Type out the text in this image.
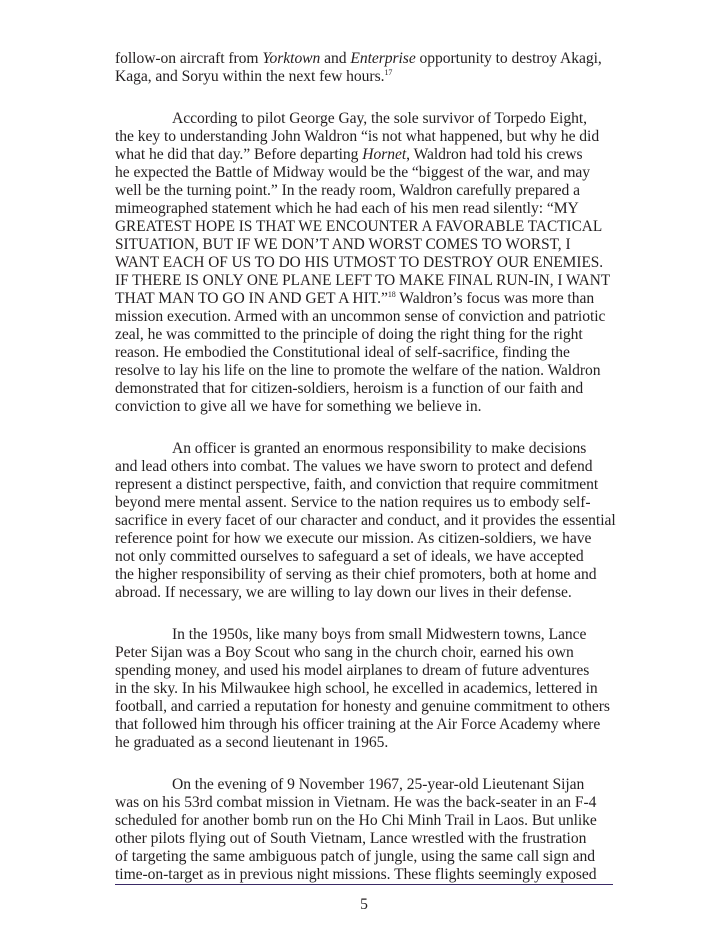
follow-on aircraft from Yorktown and Enterprise opportunity to destroy Akagi,
Kaga, and Soryu within the next few hours.$^{17}$
According to pilot George Gay, the sole survivor of Torpedo Eight,
the key to understanding John Waldron “is not what happened, but why he did
what he did that day.” Before departing Hornet, Waldron had told his crews
he expected the Battle of Midway would be the “biggest of the war, and may
well be the turning point.” In the ready room, Waldron carefully prepared a
mimeographed statement which he had each of his men read silently: “MY
GREATEST HOPE IS THAT WE ENCOUNTER A FAVORABLE TACTICAL
SITUATION, BUT IF WE DON’T AND WORST COMES TO WORST, I
WANT EACH OF US TO DO HIS UTMOST TO DESTROY OUR ENEMIES.
IF THERE IS ONLY ONE PLANE LEFT TO MAKE FINAL RUN-IN, I WANT
THAT MAN TO GO IN AND GET A HIT.”$^{18}$ Waldron’s focus was more than
mission execution. Armed with an uncommon sense of conviction and patriotic
zeal, he was committed to the principle of doing the right thing for the right
reason. He embodied the Constitutional ideal of self-sacrifice, finding the
resolve to lay his life on the line to promote the welfare of the nation. Waldron
demonstrated that for citizen-soldiers, heroism is a function of our faith and
conviction to give all we have for something we believe in.
An officer is granted an enormous responsibility to make decisions
and lead others into combat. The values we have sworn to protect and defend
represent a distinct perspective, faith, and conviction that require commitment
beyond mere mental assent. Service to the nation requires us to embody self-
sacrifice in every facet of our character and conduct, and it provides the essential
reference point for how we execute our mission. As citizen-soldiers, we have
not only committed ourselves to safeguard a set of ideals, we have accepted
the higher responsibility of serving as their chief promoters, both at home and
abroad. If necessary, we are willing to lay down our lives in their defense.
In the 1950s, like many boys from small Midwestern towns, Lance
Peter Sijan was a Boy Scout who sang in the church choir, earned his own
spending money, and used his model airplanes to dream of future adventures
in the sky. In his Milwaukee high school, he excelled in academics, lettered in
football, and carried a reputation for honesty and genuine commitment to others
that followed him through his officer training at the Air Force Academy where
he graduated as a second lieutenant in 1965.
On the evening of 9 November 1967, 25-year-old Lieutenant Sijan
was on his 53rd combat mission in Vietnam. He was the back-seater in an F-4
scheduled for another bomb run on the Ho Chi Minh Trail in Laos. But unlike
other pilots flying out of South Vietnam, Lance wrestled with the frustration
of targeting the same ambiguous patch of jungle, using the same call sign and
time-on-target as in previous night missions. These flights seemingly exposed
5
